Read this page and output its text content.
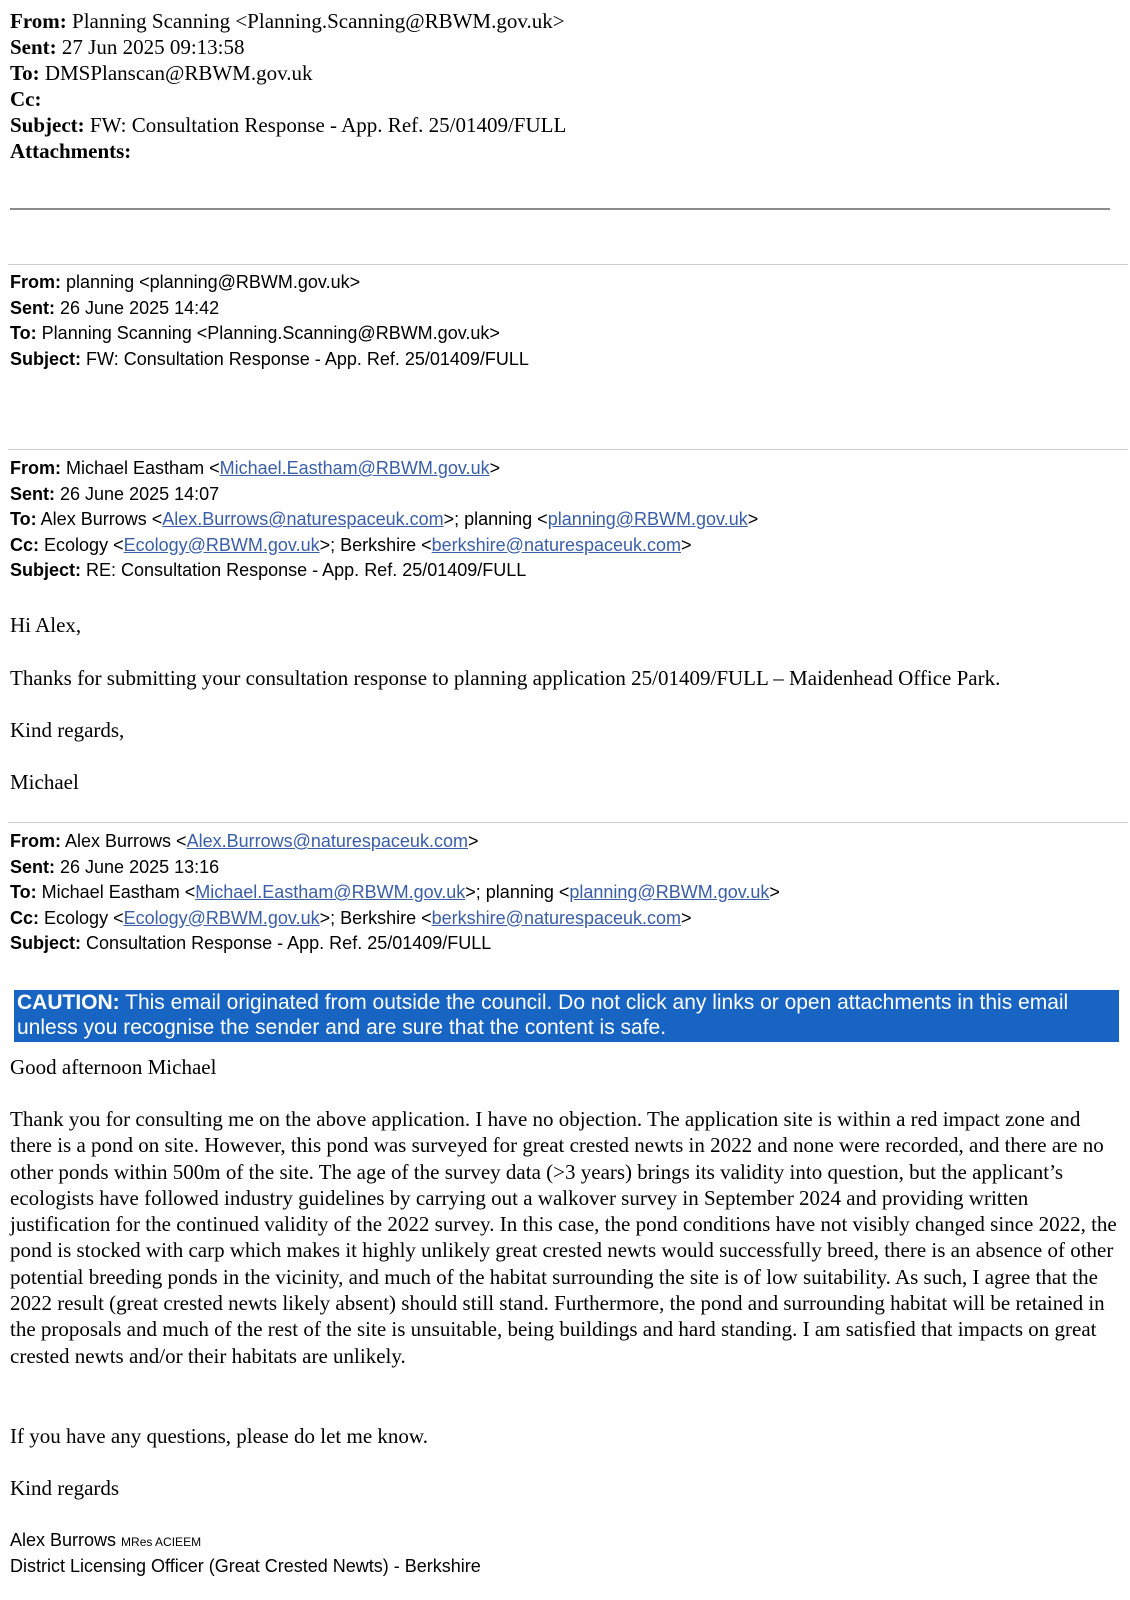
From: Planning Scanning <Planning.Scanning@RBWM.gov.uk>
Sent: 27 Jun 2025 09:13:58
To: DMSPlanscan@RBWM.gov.uk
Cc:
Subject: FW: Consultation Response - App. Ref. 25/01409/FULL
Attachments:
From: planning <planning@RBWM.gov.uk>
Sent: 26 June 2025 14:42
To: Planning Scanning <Planning.Scanning@RBWM.gov.uk>
Subject: FW: Consultation Response - App. Ref. 25/01409/FULL
From: Michael Eastham <Michael.Eastham@RBWM.gov.uk>
Sent: 26 June 2025 14:07
To: Alex Burrows <Alex.Burrows@naturespaceuk.com>; planning <planning@RBWM.gov.uk>
Cc: Ecology <Ecology@RBWM.gov.uk>; Berkshire <berkshire@naturespaceuk.com>
Subject: RE: Consultation Response - App. Ref. 25/01409/FULL
Hi Alex,
Thanks for submitting your consultation response to planning application 25/01409/FULL – Maidenhead Office Park.
Kind regards,
Michael
From: Alex Burrows <Alex.Burrows@naturespaceuk.com>
Sent: 26 June 2025 13:16
To: Michael Eastham <Michael.Eastham@RBWM.gov.uk>; planning <planning@RBWM.gov.uk>
Cc: Ecology <Ecology@RBWM.gov.uk>; Berkshire <berkshire@naturespaceuk.com>
Subject: Consultation Response - App. Ref. 25/01409/FULL
CAUTION: This email originated from outside the council. Do not click any links or open attachments in this email unless you recognise the sender and are sure that the content is safe.
Good afternoon Michael
Thank you for consulting me on the above application. I have no objection. The application site is within a red impact zone and there is a pond on site. However, this pond was surveyed for great crested newts in 2022 and none were recorded, and there are no other ponds within 500m of the site. The age of the survey data (>3 years) brings its validity into question, but the applicant’s ecologists have followed industry guidelines by carrying out a walkover survey in September 2024 and providing written justification for the continued validity of the 2022 survey. In this case, the pond conditions have not visibly changed since 2022, the pond is stocked with carp which makes it highly unlikely great crested newts would successfully breed, there is an absence of other potential breeding ponds in the vicinity, and much of the habitat surrounding the site is of low suitability. As such, I agree that the 2022 result (great crested newts likely absent) should still stand. Furthermore, the pond and surrounding habitat will be retained in the proposals and much of the rest of the site is unsuitable, being buildings and hard standing. I am satisfied that impacts on great crested newts and/or their habitats are unlikely.
If you have any questions, please do let me know.
Kind regards
Alex Burrows MRes ACIEEM
District Licensing Officer (Great Crested Newts) - Berkshire
